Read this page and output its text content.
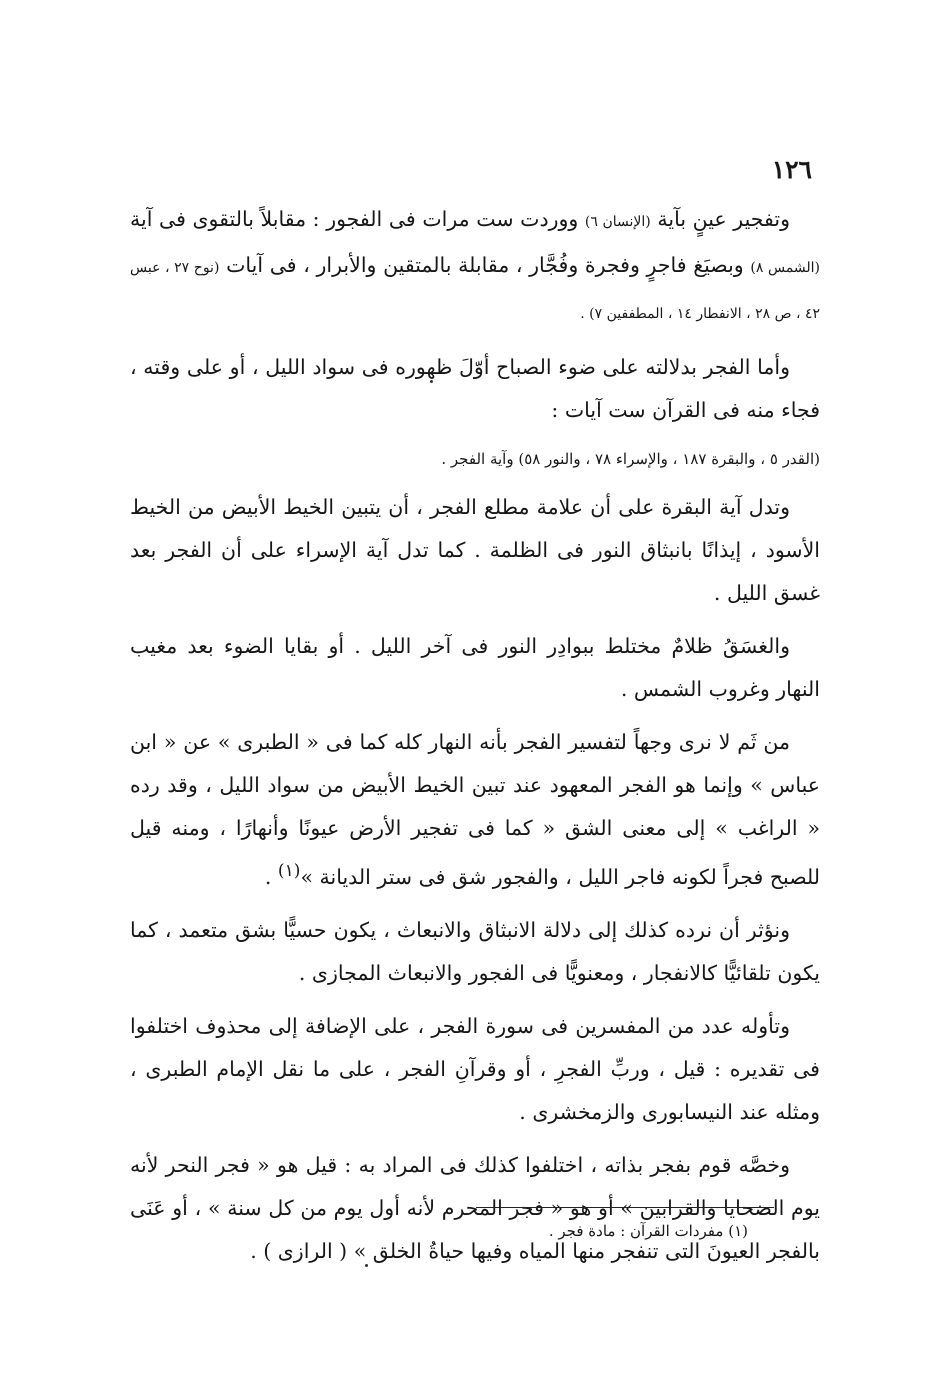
١٢٦

وتفجير عينٍ بآية (الإنسان ٦) ووردت ست مرات فى الفجور : مقابلاً بالتقوى فى آية (الشمس ٨) وبصيَغ فاجرٍ وفجرة وفُجَّار ، مقابلة بالمتقين والأبرار ، فى آيات (نوح ٢٧ ، عبس ٤٢ ، ص ٢٨ ، الانفطار ١٤ ، المطففين ٧) .

وأما الفجر بدلالته على ضوء الصباح أوّلَ ظهوره فى سواد الليل ، أو على وقته ، فجاء منه فى القرآن ست آيات :

(القدر ٥ ، والبقرة ١٨٧ ، والإسراء ٧٨ ، والنور ٥٨) وآية الفجر .

وتدل آية البقرة على أن علامة مطلع الفجر ، أن يتبين الخيط الأبيض من الخيط الأسود ، إيذانًا بانبثاق النور فى الظلمة . كما تدل آية الإسراء على أن الفجر بعد غسق الليل .

والغسَقُ ظلامٌ مختلط ببوادِر النور فى آخر الليل . أو بقايا الضوء بعد مغيب النهار وغروب الشمس .

من ثَم لا نرى وجهاً لتفسير الفجر بأنه النهار كله كما فى « الطبرى » عن « ابن عباس » وإنما هو الفجر المعهود عند تبين الخيط الأبيض من سواد الليل ، وقد رده « الراغب » إلى معنى الشق « كما فى تفجير الأرض عيونًا وأنهارًا ، ومنه قيل للصبح فجراً لكونه فاجر الليل ، والفجور شق فى ستر الديانة »$^{(١)}$ .

ونؤثر أن نرده كذلك إلى دلالة الانبثاق والانبعاث ، يكون حسيًّا بشق متعمد ، كما يكون تلقائيًّا كالانفجار ، ومعنويًّا فى الفجور والانبعاث المجازى .

وتأوله عدد من المفسرين فى سورة الفجر ، على الإضافة إلى محذوف اختلفوا فى تقديره : قيل ، وربِّ الفجرِ ، أو وقرآنِ الفجر ، على ما نقل الإمام الطبرى ، ومثله عند النيسابورى والزمخشرى .

وخصَّه قوم بفجر بذاته ، اختلفوا كذلك فى المراد به : قيل هو « فجر النحر لأنه يوم الضحايا والقرابين » أو هو « فجر المحرم لأنه أول يوم من كل سنة » ، أو عَنَى بالفجر العيونَ التى تنفجر منها المياه وفيها حياةُ الخلق » ( الرازى ) .

(١) مفردات القرآن : مادة فجر .
